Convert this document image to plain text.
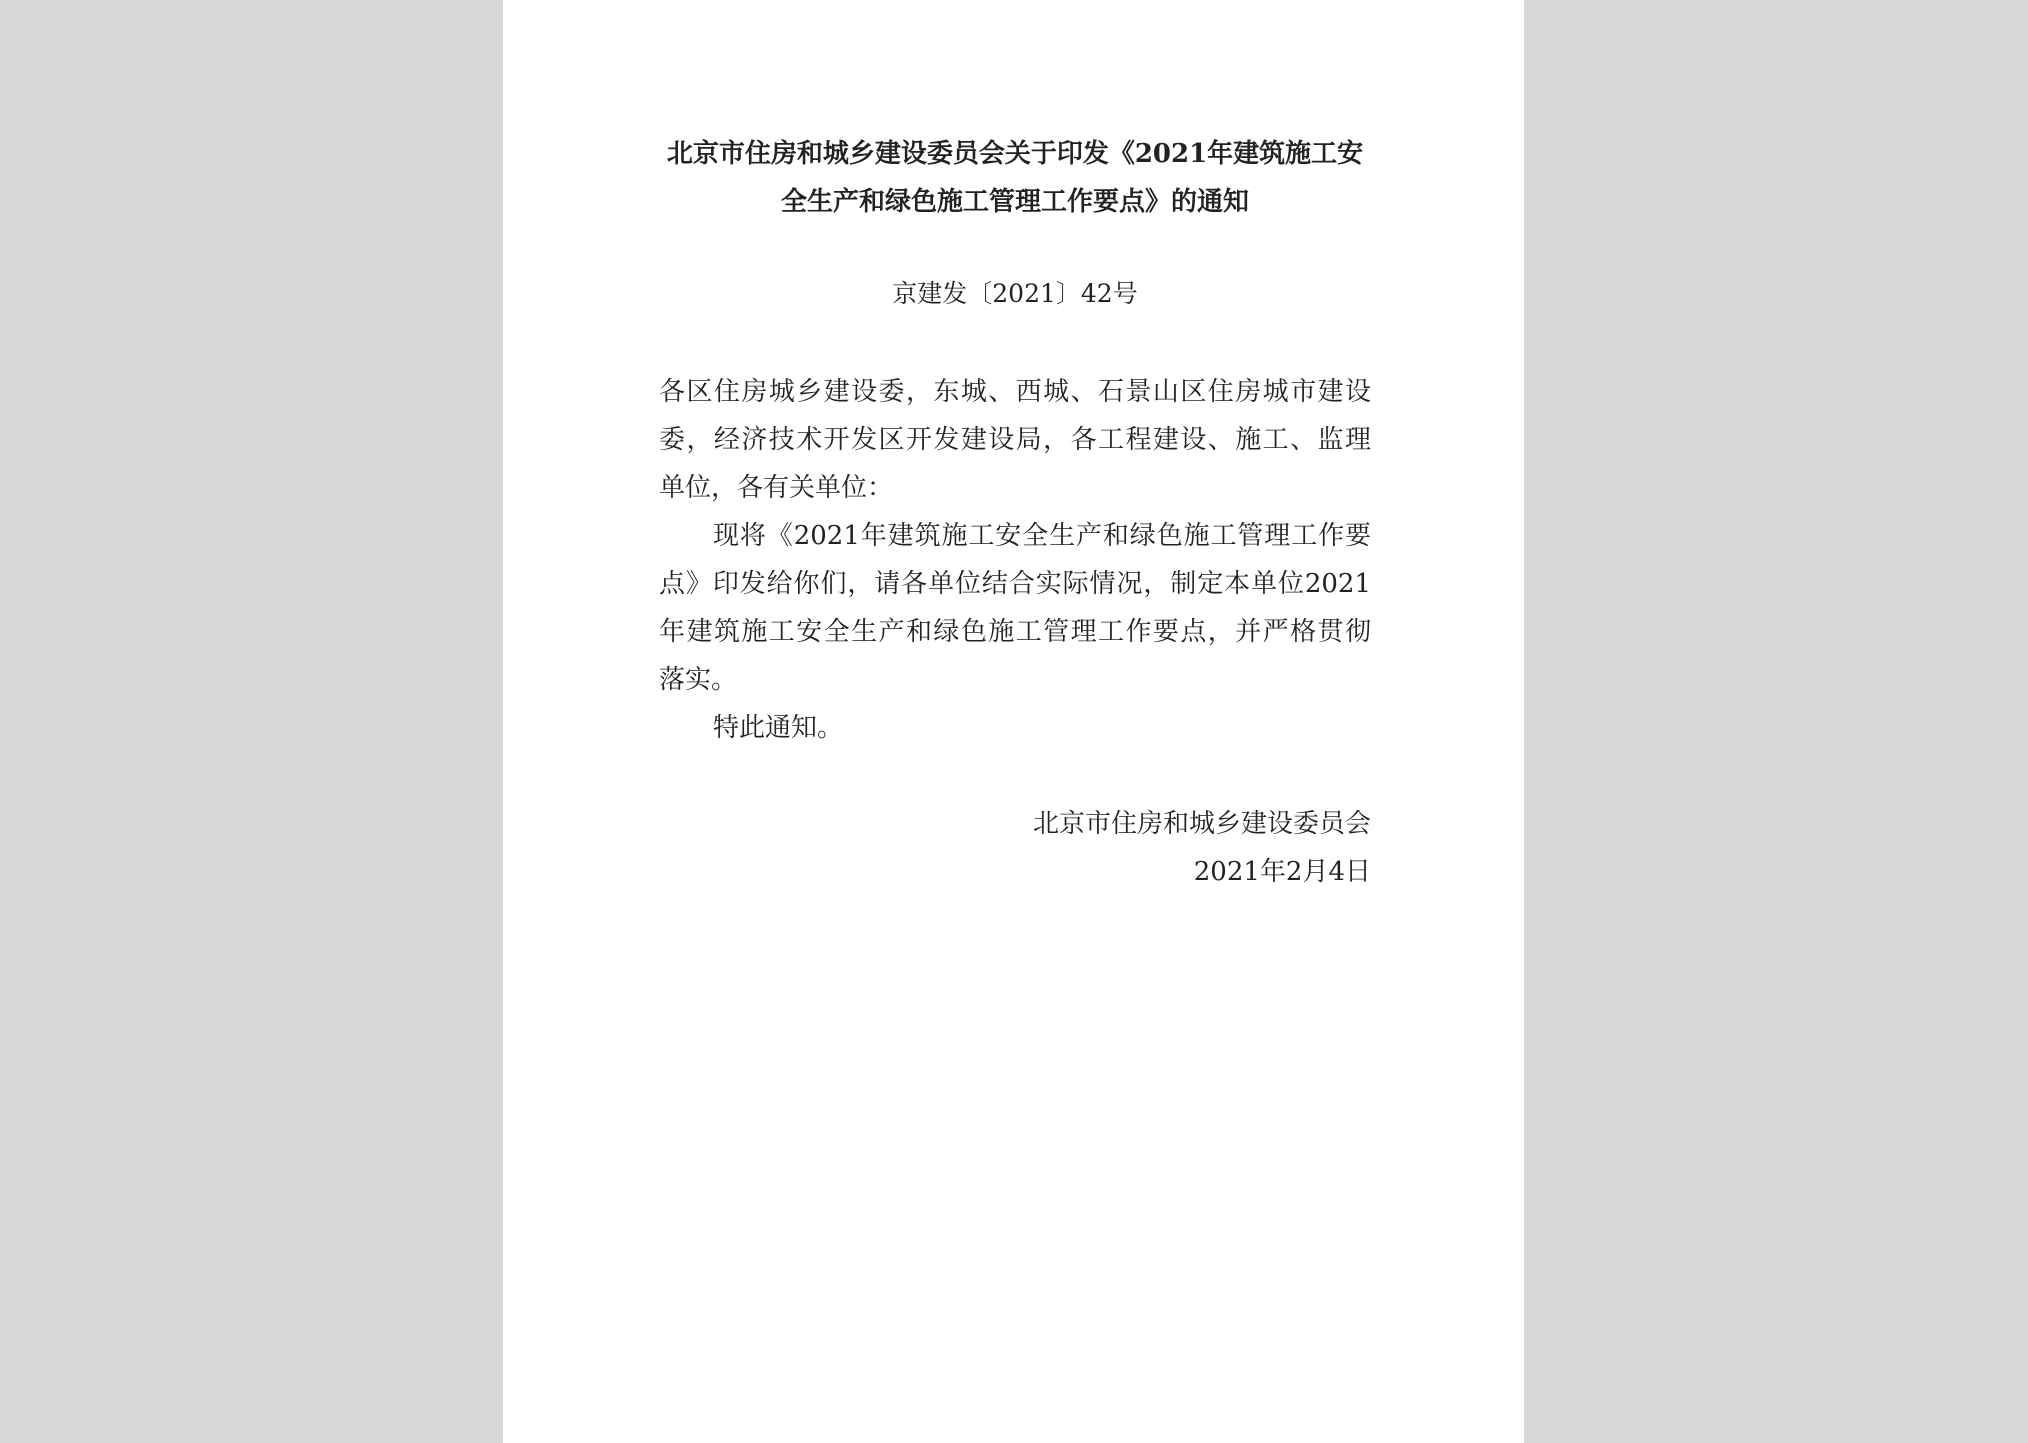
北京市住房和城乡建设委员会关于印发《2021年建筑施工安
全生产和绿色施工管理工作要点》的通知
京建发〔2021〕42号
各区住房城乡建设委，东城、西城、石景山区住房城市建设
委，经济技术开发区开发建设局，各工程建设、施工、监理
单位，各有关单位：
现将《2021年建筑施工安全生产和绿色施工管理工作要
点》印发给你们，请各单位结合实际情况，制定本单位2021
年建筑施工安全生产和绿色施工管理工作要点，并严格贯彻
落实。
特此通知。
北京市住房和城乡建设委员会
2021年2月4日
